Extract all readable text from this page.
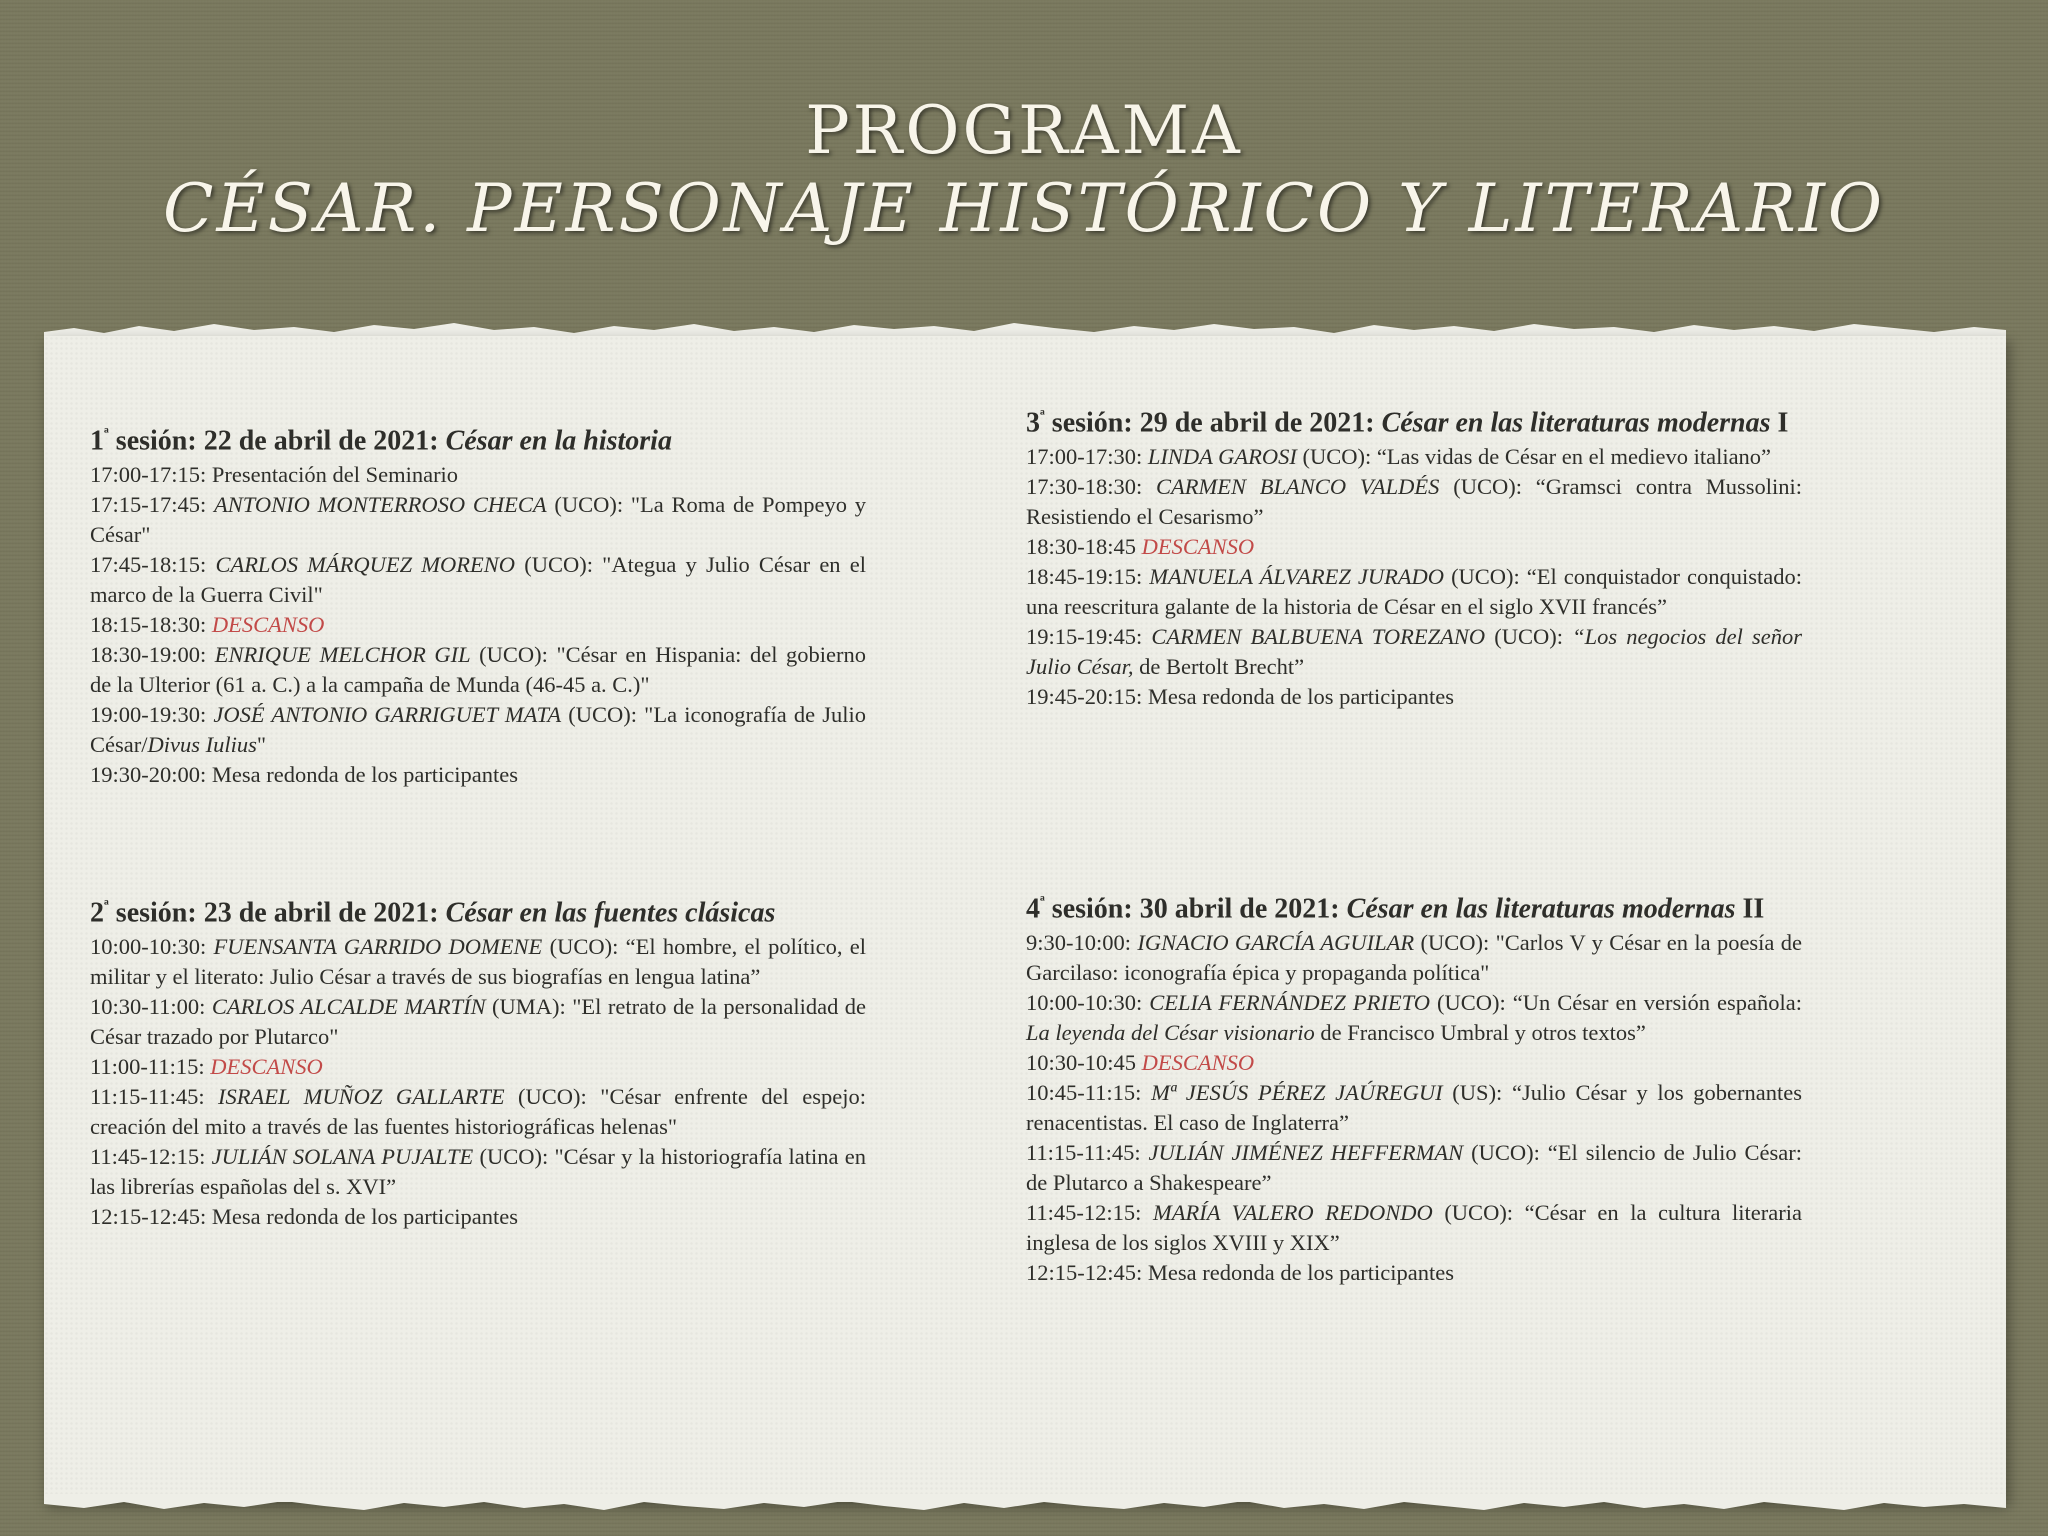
PROGRAMA
CÉSAR. PERSONAJE HISTÓRICO Y LITERARIO

$1^ª$ sesión: 22 de abril de 2021: César en la historia

17:00-17:15: Presentación del Seminario

17:15-17:45: ANTONIO MONTERROSO CHECA (UCO): "La Roma de Pompeyo y César"

17:45-18:15: CARLOS MÁRQUEZ MORENO (UCO): "Ategua y Julio César en el marco de la Guerra Civil"

18:15-18:30: DESCANSO

18:30-19:00: ENRIQUE MELCHOR GIL (UCO): "César en Hispania: del gobierno de la Ulterior (61 a. C.) a la campaña de Munda (46-45 a. C.)"

19:00-19:30: JOSÉ ANTONIO GARRIGUET MATA (UCO): "La iconografía de Julio César/Divus Iulius"

19:30-20:00: Mesa redonda de los participantes

$2^ª$ sesión: 23 de abril de 2021: César en las fuentes clásicas

10:00-10:30: FUENSANTA GARRIDO DOMENE (UCO): “El hombre, el político, el militar y el literato: Julio César a través de sus biografías en lengua latina”

10:30-11:00: CARLOS ALCALDE MARTÍN (UMA): "El retrato de la personalidad de César trazado por Plutarco"

11:00-11:15: DESCANSO

11:15-11:45: ISRAEL MUÑOZ GALLARTE (UCO): "César enfrente del espejo: creación del mito a través de las fuentes historiográficas helenas"

11:45-12:15: JULIÁN SOLANA PUJALTE (UCO): "César y la historiografía latina en las librerías españolas del s. XVI”

12:15-12:45: Mesa redonda de los participantes

$3^ª$ sesión: 29 de abril de 2021: César en las literaturas modernas I

17:00-17:30: LINDA GAROSI (UCO): “Las vidas de César en el medievo italiano”

17:30-18:30: CARMEN BLANCO VALDÉS (UCO): “Gramsci contra Mussolini: Resistiendo el Cesarismo”

18:30-18:45 DESCANSO

18:45-19:15: MANUELA ÁLVAREZ JURADO (UCO): “El conquistador conquistado: una reescritura galante de la historia de César en el siglo XVII francés”

19:15-19:45: CARMEN BALBUENA TOREZANO (UCO): “Los negocios del señor Julio César, de Bertolt Brecht”

19:45-20:15: Mesa redonda de los participantes

$4^ª$ sesión: 30 abril de 2021: César en las literaturas modernas II

9:30-10:00: IGNACIO GARCÍA AGUILAR (UCO): "Carlos V y César en la poesía de Garcilaso: iconografía épica y propaganda política"

10:00-10:30: CELIA FERNÁNDEZ PRIETO (UCO): “Un César en versión española: La leyenda del César visionario de Francisco Umbral y otros textos”

10:30-10:45 DESCANSO

10:45-11:15: Mª JESÚS PÉREZ JAÚREGUI (US): “Julio César y los gobernantes renacentistas. El caso de Inglaterra”

11:15-11:45: JULIÁN JIMÉNEZ HEFFERMAN (UCO): “El silencio de Julio César: de Plutarco a Shakespeare”

11:45-12:15: MARÍA VALERO REDONDO (UCO): “César en la cultura literaria inglesa de los siglos XVIII y XIX”

12:15-12:45: Mesa redonda de los participantes
